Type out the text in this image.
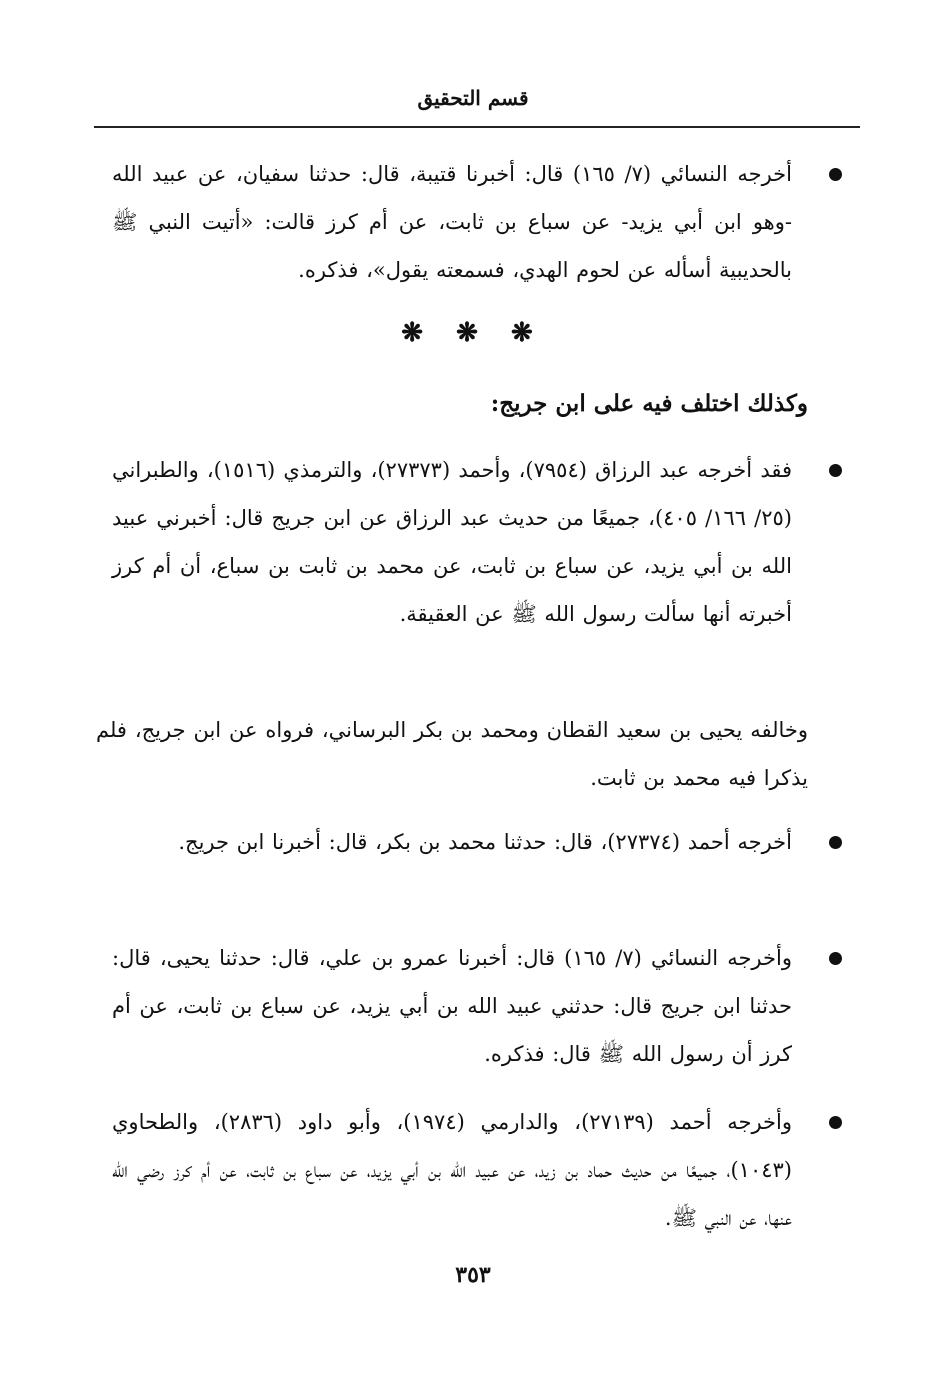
قسم التحقيق
أخرجه النسائي (٧/ ١٦٥) قال: أخبرنا قتيبة، قال: حدثنا سفيان، عن عبيد الله -وهو ابن أبي يزيد- عن سباع بن ثابت، عن أم كرز قالت: «أتيت النبي ﷺ بالحديبية أسأله عن لحوم الهدي، فسمعته يقول»، فذكره.
❋ ❋ ❋
وكذلك اختلف فيه على ابن جريج:
فقد أخرجه عبد الرزاق (٧٩٥٤)، وأحمد (٢٧٣٧٣)، والترمذي (١٥١٦)، والطبراني (٢٥/ ١٦٦/ ٤٠٥)، جميعًا من حديث عبد الرزاق عن ابن جريج قال: أخبرني عبيد الله بن أبي يزيد، عن سباع بن ثابت، عن محمد بن ثابت بن سباع، أن أم كرز أخبرته أنها سألت رسول الله ﷺ عن العقيقة.
وخالفه يحيى بن سعيد القطان ومحمد بن بكر البرساني، فرواه عن ابن جريج، فلم يذكرا فيه محمد بن ثابت.
أخرجه أحمد (٢٧٣٧٤)، قال: حدثنا محمد بن بكر، قال: أخبرنا ابن جريج.
وأخرجه النسائي (٧/ ١٦٥) قال: أخبرنا عمرو بن علي، قال: حدثنا يحيى، قال: حدثنا ابن جريج قال: حدثني عبيد الله بن أبي يزيد، عن سباع بن ثابت، عن أم كرز أن رسول الله ﷺ قال: فذكره.
وأخرجه أحمد (٢٧١٣٩)، والدارمي (١٩٧٤)، وأبو داود (٢٨٣٦)، والطحاوي (١٠٤٣)، جميعًا من حديث حماد بن زيد، عن عبيد الله بن أبي يزيد، عن سباع بن ثابت، عن أم كرز رضي الله عنها، عن النبي ﷺ.
٣٥٣
